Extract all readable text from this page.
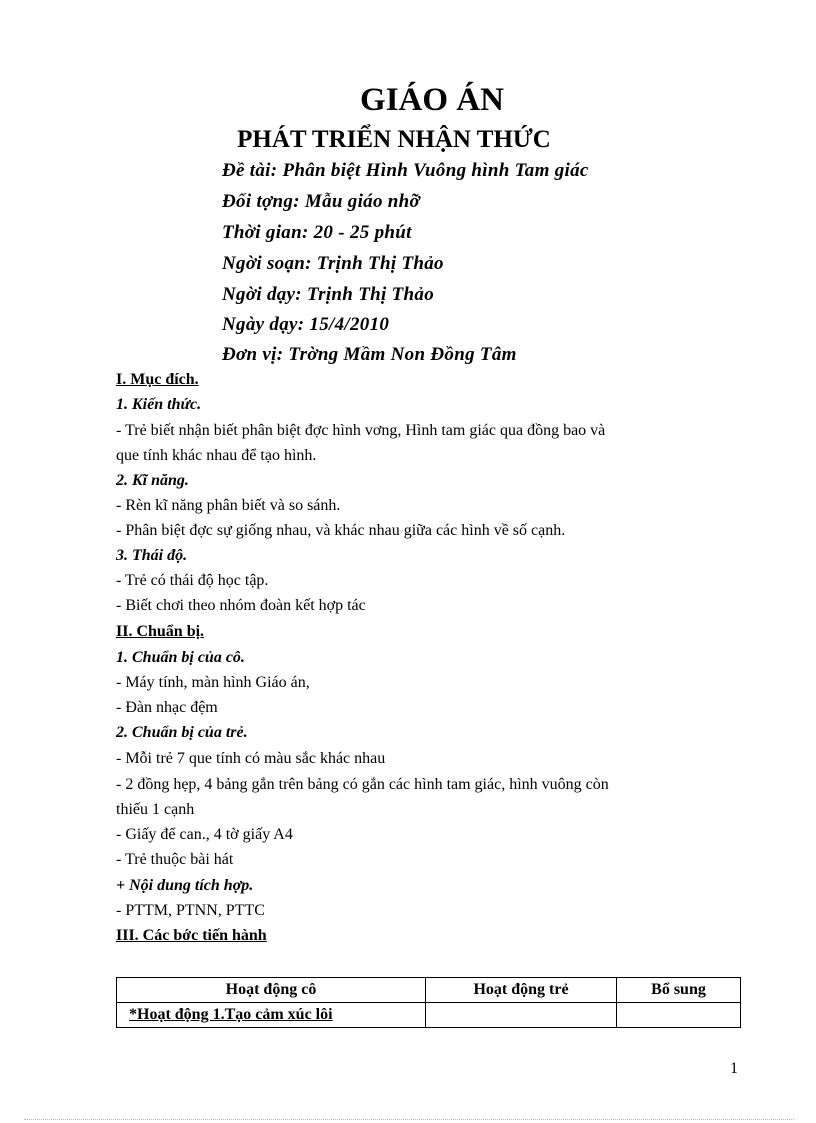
GIÁO ÁN
PHÁT TRIỂN NHẬN THỨC
Đề tài: Phân biệt Hình Vuông hình Tam giác
Đối tợng: Mẫu giáo nhỡ
Thời gian: 20 - 25 phút
Ngời soạn: Trịnh Thị Thảo
Ngời dạy: Trịnh Thị Thảo
Ngày dạy: 15/4/2010
Đơn vị: Trờng Mầm Non Đồng Tâm
I. Mục đích.
1. Kiến thức.
- Trẻ biết nhận biết phân biệt đợc hình vơng, Hình tam giác qua đồng bao và
que tính khác nhau để tạo hình.
2. Kĩ năng.
- Rèn kĩ năng phân biết và so sánh.
- Phân biệt đợc sự giống nhau, và khác nhau giữa các hình về số cạnh.
3. Thái độ.
- Trẻ có thái độ học tập.
- Biết chơi theo nhóm đoàn kết hợp tác
II. Chuẩn bị.
1. Chuẩn bị của cô.
- Máy tính, màn hình Giáo án,
- Đàn nhạc đệm
2. Chuẩn bị của trẻ.
- Mỗi trẻ 7 que tính có màu sắc khác nhau
- 2 đồng hẹp, 4 bảng gắn trên bảng có gắn các hình tam giác, hình vuông còn
thiếu 1 cạnh
- Giấy để can., 4 tờ giấy A4
- Trẻ thuộc bài hát
+ Nội dung tích hợp.
- PTTM, PTNN, PTTC
III. Các bớc tiến hành
Hoạt động cô	Hoạt động trẻ	Bổ sung
*Hoạt động 1.Tạo cảm xúc lôi		
1
